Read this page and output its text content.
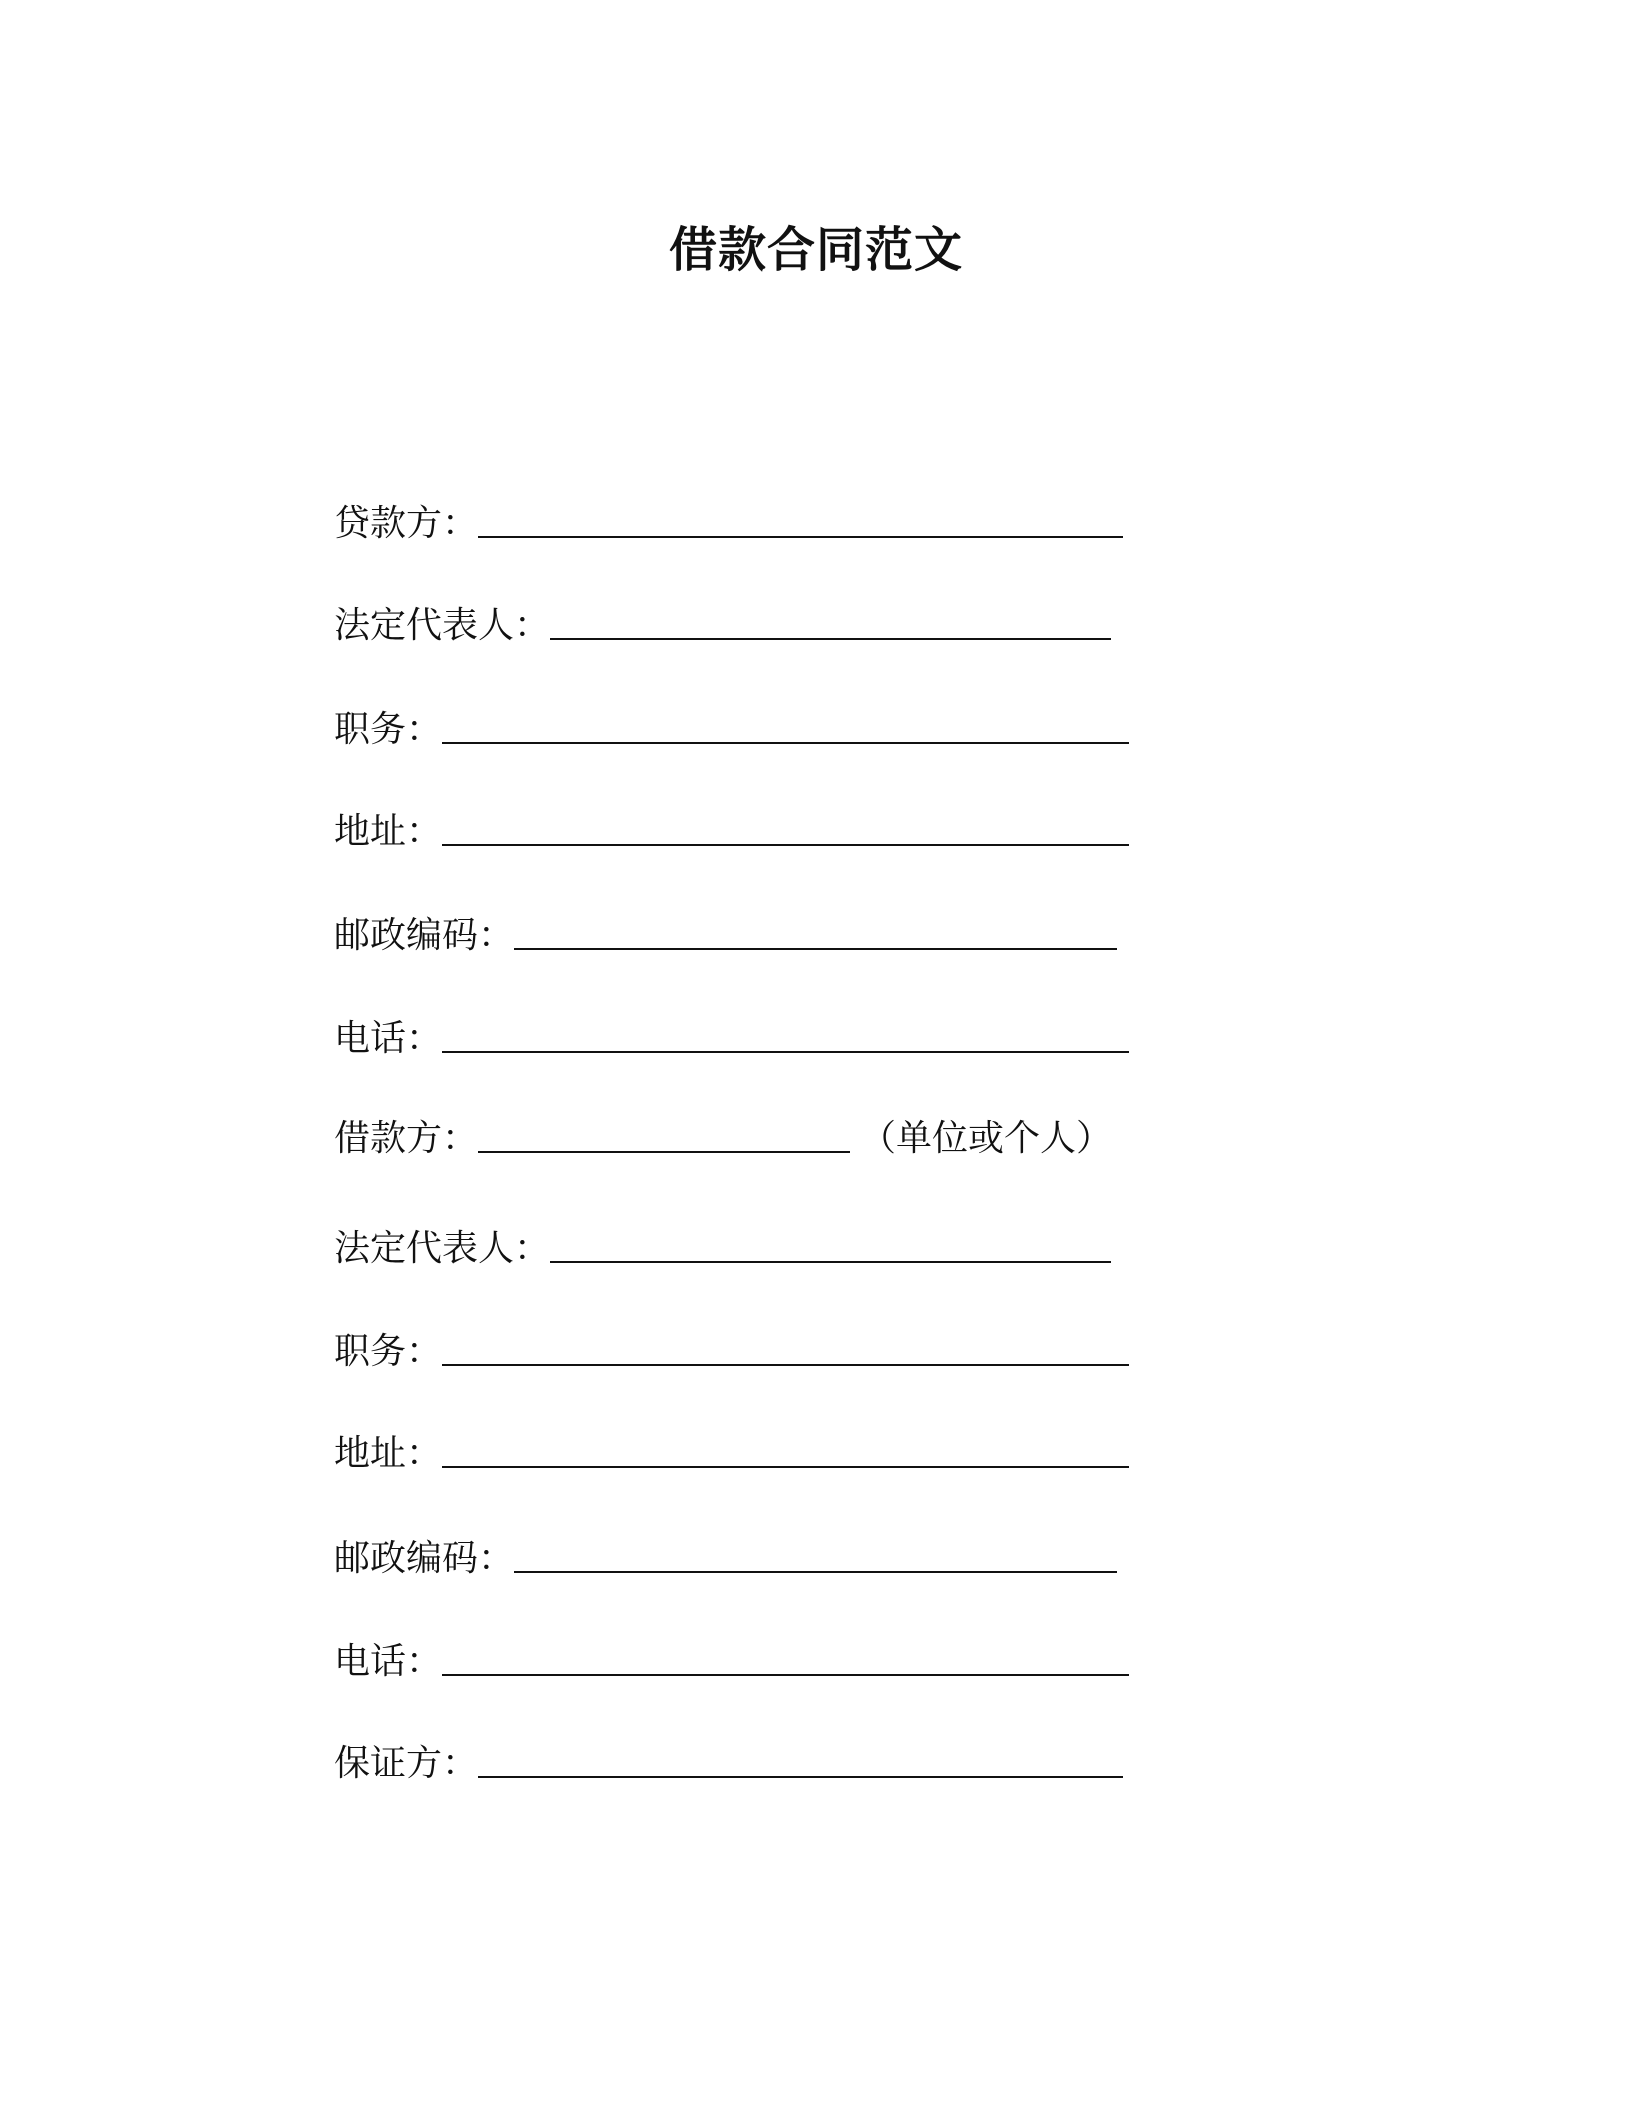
借款合同范文
贷款方：
法定代表人：
职务：
地址：
邮政编码：
电话：
借款方：	（单位或个人）
法定代表人：
职务：
地址：
邮政编码：
电话：
保证方：
